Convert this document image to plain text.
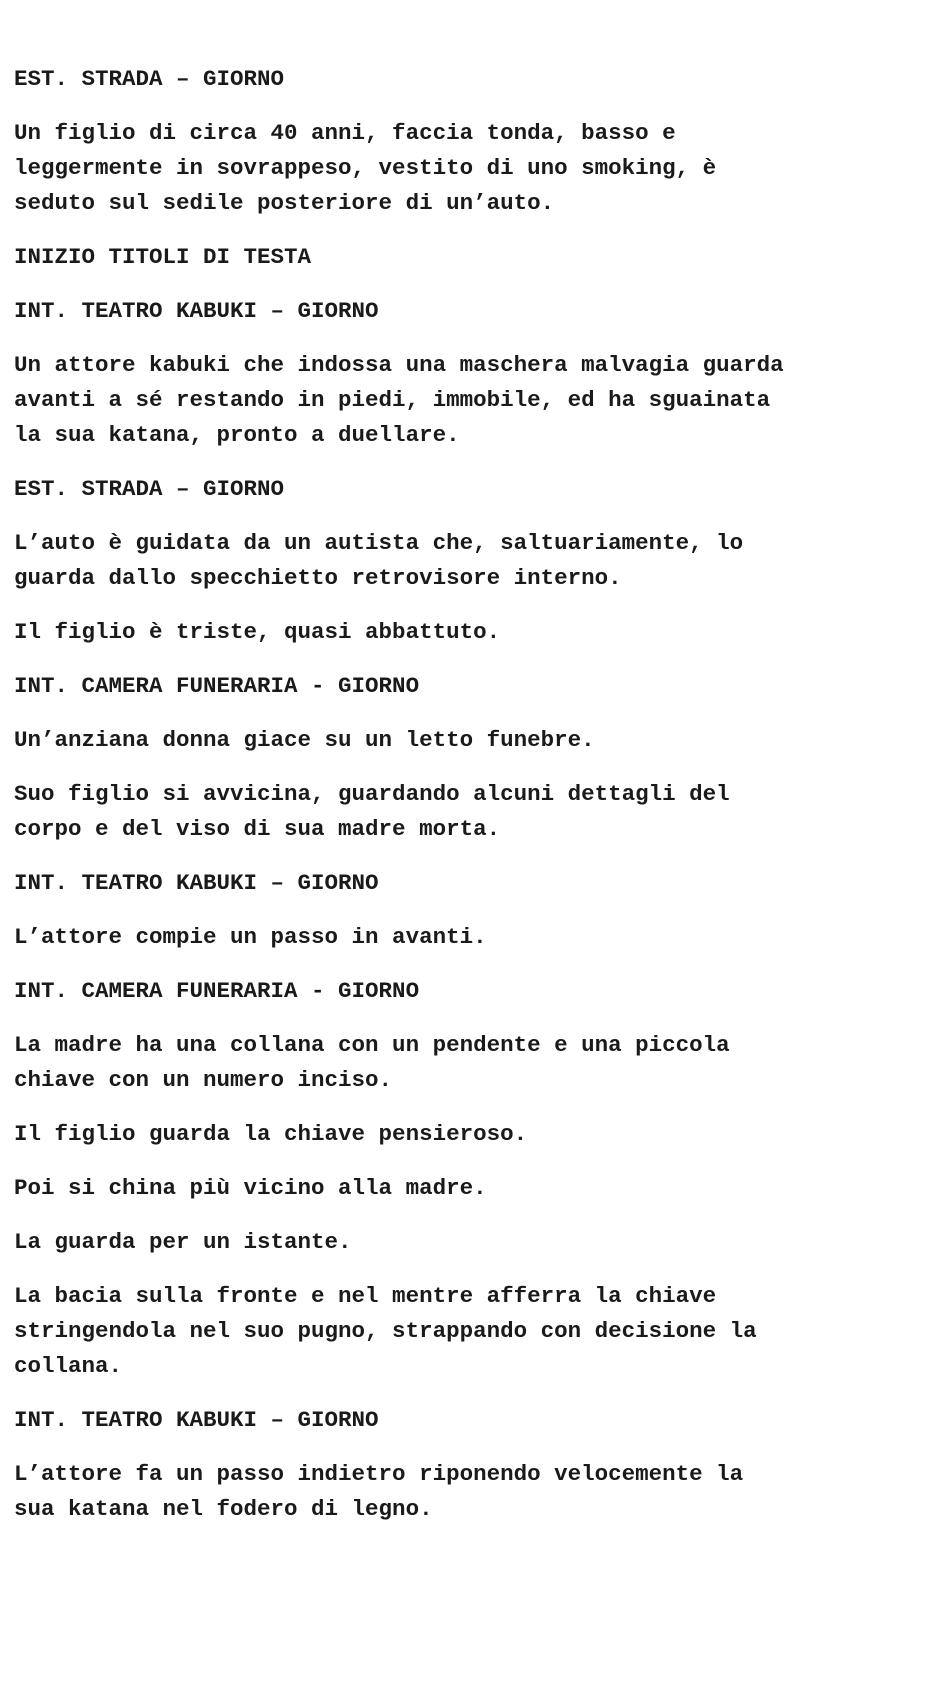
EST. STRADA – GIORNO

Un figlio di circa 40 anni, faccia tonda, basso e
leggermente in sovrappeso, vestito di uno smoking, è
seduto sul sedile posteriore di un’auto.

INIZIO TITOLI DI TESTA

INT. TEATRO KABUKI – GIORNO

Un attore kabuki che indossa una maschera malvagia guarda
avanti a sé restando in piedi, immobile, ed ha sguainata
la sua katana, pronto a duellare.

EST. STRADA – GIORNO

L’auto è guidata da un autista che, saltuariamente, lo
guarda dallo specchietto retrovisore interno.

Il figlio è triste, quasi abbattuto.

INT. CAMERA FUNERARIA - GIORNO

Un’anziana donna giace su un letto funebre.

Suo figlio si avvicina, guardando alcuni dettagli del
corpo e del viso di sua madre morta.

INT. TEATRO KABUKI – GIORNO

L’attore compie un passo in avanti.

INT. CAMERA FUNERARIA - GIORNO

La madre ha una collana con un pendente e una piccola
chiave con un numero inciso.

Il figlio guarda la chiave pensieroso.

Poi si china più vicino alla madre.

La guarda per un istante.

La bacia sulla fronte e nel mentre afferra la chiave
stringendola nel suo pugno, strappando con decisione la
collana.

INT. TEATRO KABUKI – GIORNO

L’attore fa un passo indietro riponendo velocemente la
sua katana nel fodero di legno.
